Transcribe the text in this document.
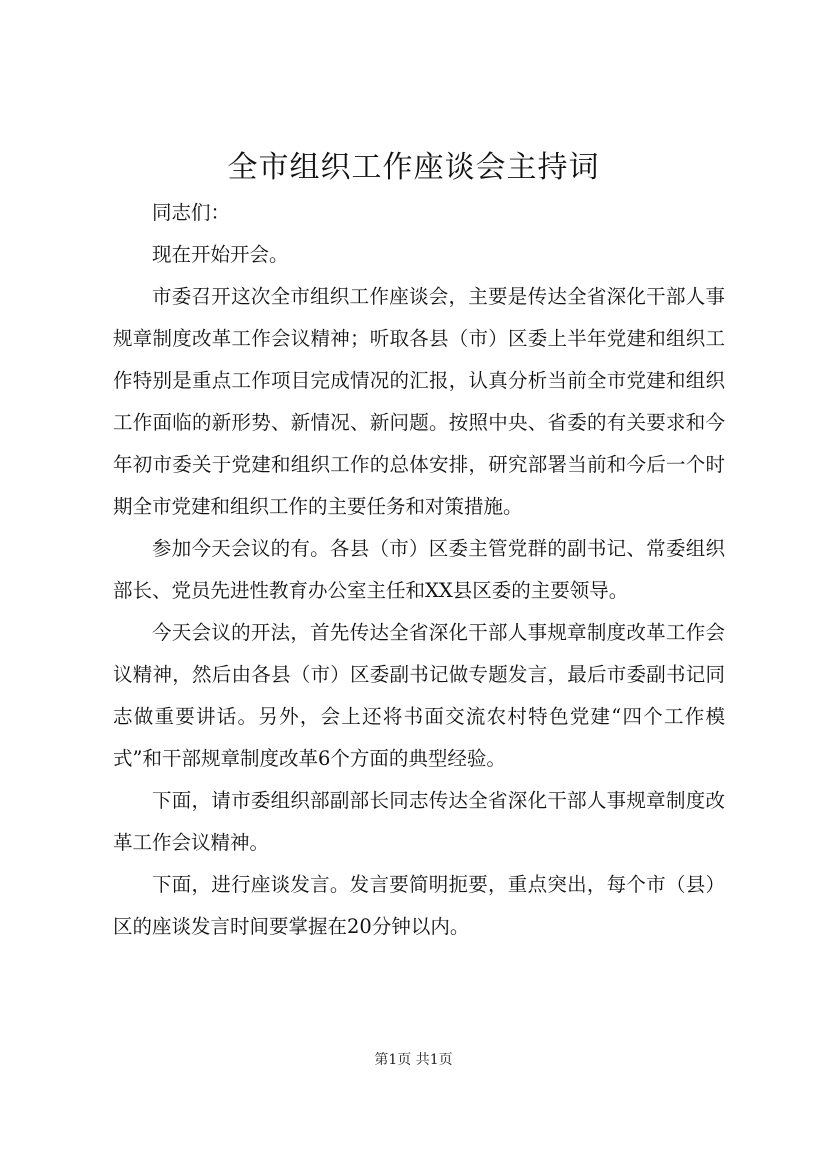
全市组织工作座谈会主持词

同志们：

现在开始开会。

市委召开这次全市组织工作座谈会，主要是传达全省深化干部人事规章制度改革工作会议精神；听取各县（市）区委上半年党建和组织工作特别是重点工作项目完成情况的汇报，认真分析当前全市党建和组织工作面临的新形势、新情况、新问题。按照中央、省委的有关要求和今年初市委关于党建和组织工作的总体安排，研究部署当前和今后一个时期全市党建和组织工作的主要任务和对策措施。

参加今天会议的有。各县（市）区委主管党群的副书记、常委组织部长、党员先进性教育办公室主任和XX县区委的主要领导。

今天会议的开法，首先传达全省深化干部人事规章制度改革工作会议精神，然后由各县（市）区委副书记做专题发言，最后市委副书记同志做重要讲话。另外，会上还将书面交流农村特色党建“四个工作模式”和干部规章制度改革6个方面的典型经验。

下面，请市委组织部副部长同志传达全省深化干部人事规章制度改革工作会议精神。

下面，进行座谈发言。发言要简明扼要，重点突出，每个市（县）区的座谈发言时间要掌握在20分钟以内。

第1页 共1页
